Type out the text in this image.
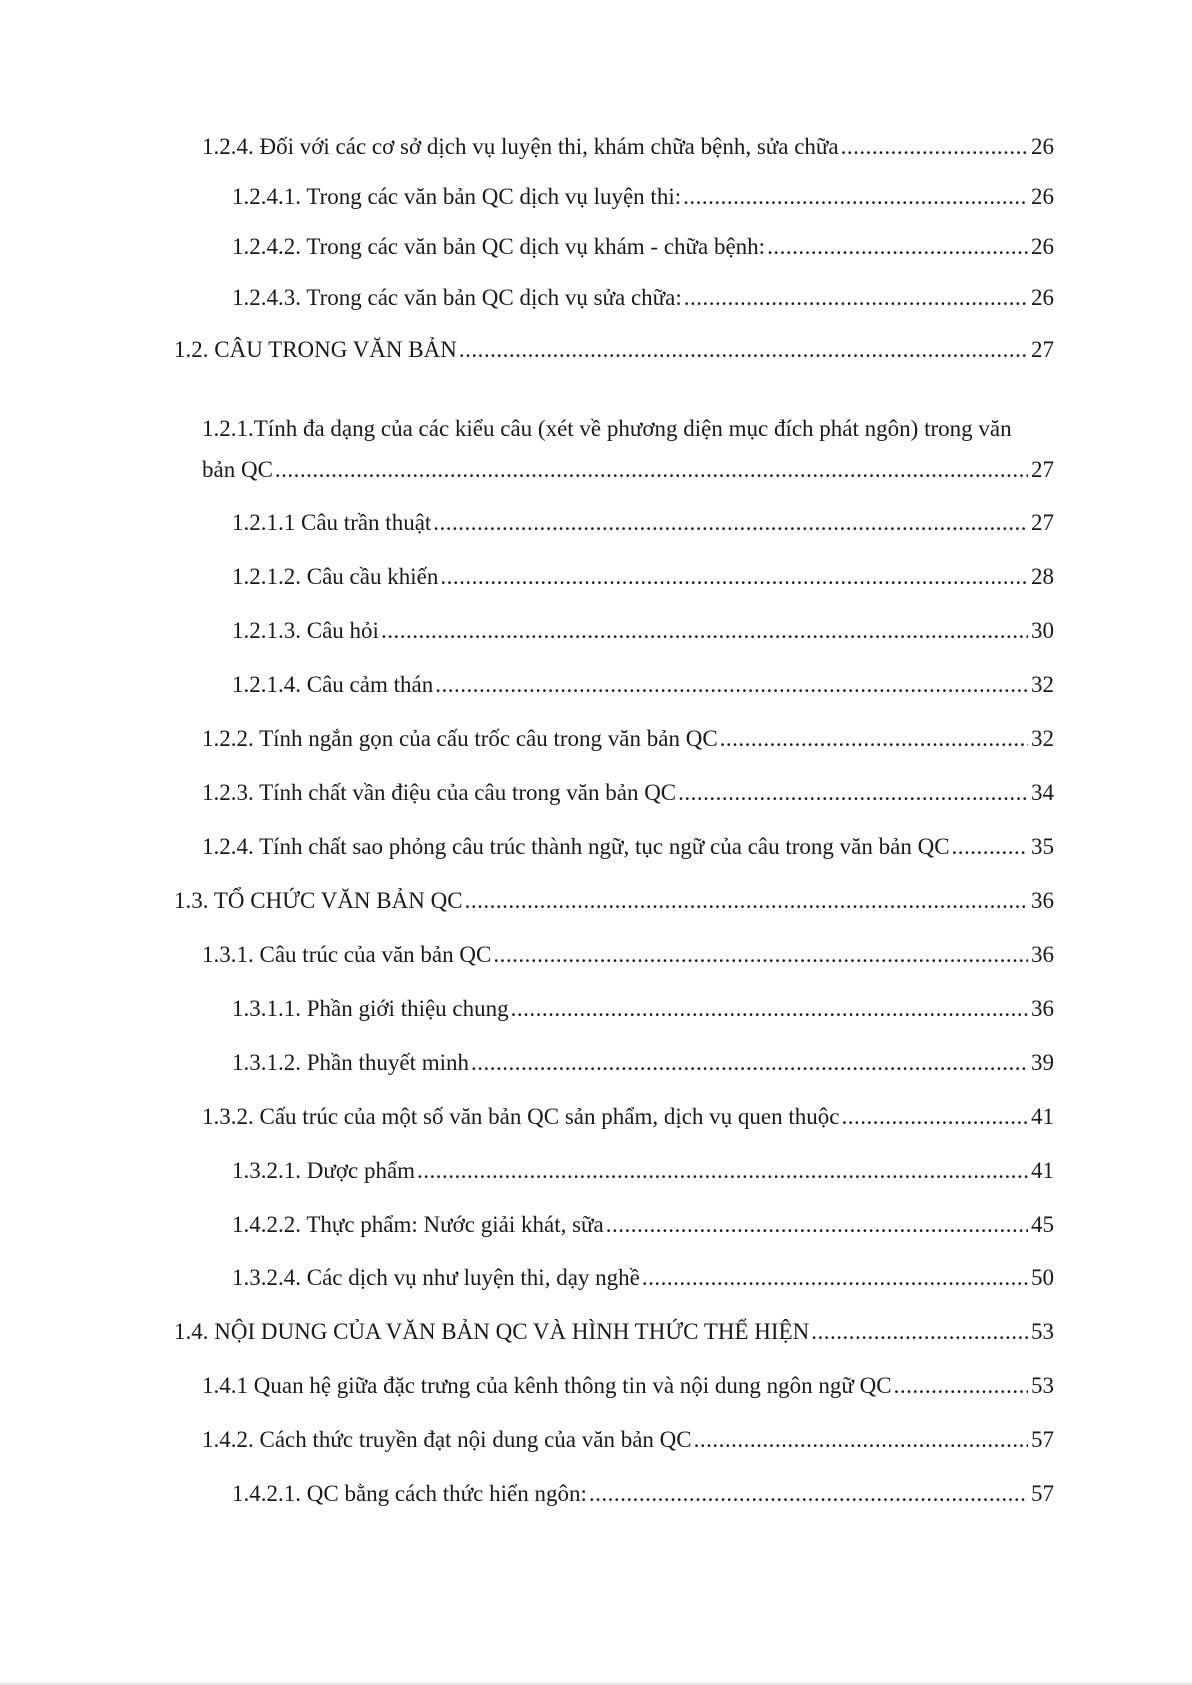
1.2.4. Đối với các cơ sở dịch vụ luyện thi, khám chữa bệnh, sửa chữa .....	26
1.2.4.1. Trong các văn bản QC dịch vụ luyện thi: .....	26
1.2.4.2. Trong các văn bản QC dịch vụ khám - chữa bệnh: .....	26
1.2.4.3. Trong các văn bản QC dịch vụ sửa chữa: .....	26
1.2. CÂU TRONG VĂN BẢN .....	27
1.2.1.Tính đa dạng của các kiểu câu (xét về phương diện mục đích phát ngôn) trong văn
bản QC .....	27
1.2.1.1 Câu trần thuật .....	27
1.2.1.2. Câu cầu khiến .....	28
1.2.1.3. Câu hỏi .....	30
1.2.1.4. Câu cảm thán .....	32
1.2.2. Tính ngắn gọn của cấu trốc câu trong văn bản QC .....	32
1.2.3. Tính chất vần điệu của câu trong văn bản QC .....	34
1.2.4. Tính chất sao phỏng câu trúc thành ngữ, tục ngữ của câu trong văn bản QC .....	35
1.3. TỔ CHỨC VĂN BẢN QC .....	36
1.3.1. Câu trúc của văn bản QC .....	36
1.3.1.1. Phần giới thiệu chung .....	36
1.3.1.2. Phần thuyết minh .....	39
1.3.2. Cấu trúc của một số văn bản QC sản phẩm, dịch vụ quen thuộc .....	41
1.3.2.1. Dược phẩm .....	41
1.4.2.2. Thực phẩm: Nước giải khát, sữa .....	45
1.3.2.4. Các dịch vụ như luyện thi, dạy nghề .....	50
1.4. NỘI DUNG CỦA VĂN BẢN QC VÀ HÌNH THỨC THỂ HIỆN .....	53
1.4.1 Quan hệ giữa đặc trưng của kênh thông tin và nội dung ngôn ngữ QC .....	53
1.4.2. Cách thức truyền đạt nội dung của văn bản QC .....	57
1.4.2.1. QC bằng cách thức hiển ngôn: .....	57
